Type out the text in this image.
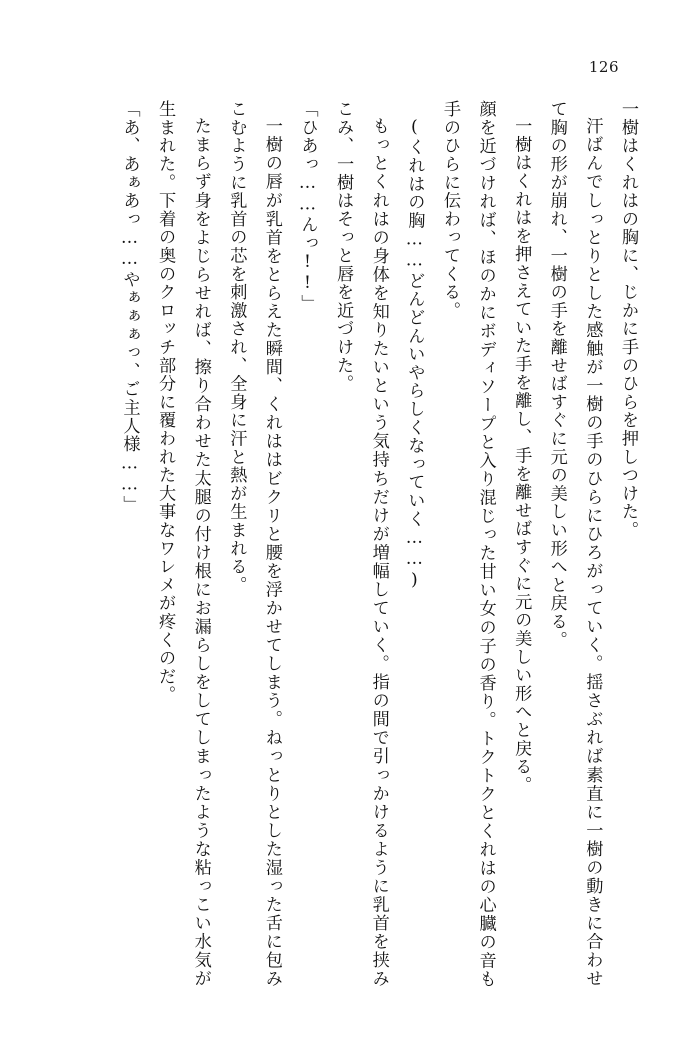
126

一樹はくれはの胸に、じかに手のひらを押しつけた。

汗ばんでしっとりとした感触が一樹の手のひらにひろがっていく。揺さぶれば素直に一樹の動きに合わせて胸の形が崩れ、一樹の手を離せばすぐに元の美しい形へと戻る。

一樹はくれはを押さえていた手を離し、手を離せばすぐに元の美しい形へと戻る。

顔を近づければ、ほのかにボディソープと入り混じった甘い女の子の香り。トクトクとくれはの心臓の音も手のひらに伝わってくる。

(くれはの胸……どんどんいやらしくなっていく……)

もっとくれはの身体を知りたいという気持ちだけが増幅していく。指の間で引っかけるように乳首を挟みこみ、一樹はそっと唇を近づけた。

「ひあっ……んっ!!」

一樹の唇が乳首をとらえた瞬間、くれははビクリと腰を浮かせてしまう。ねっとりとした湿った舌に包みこむように乳首の芯を刺激され、全身に汗と熱が生まれる。

たまらず身をよじらせれば、擦り合わせた太腿の付け根にお漏らしをしてしまったような粘っこい水気が生まれた。下着の奥のクロッチ部分に覆われた大事なワレメが疼くのだ。

「あ、あぁあっ……やぁぁぁっ、ご主人様……」
